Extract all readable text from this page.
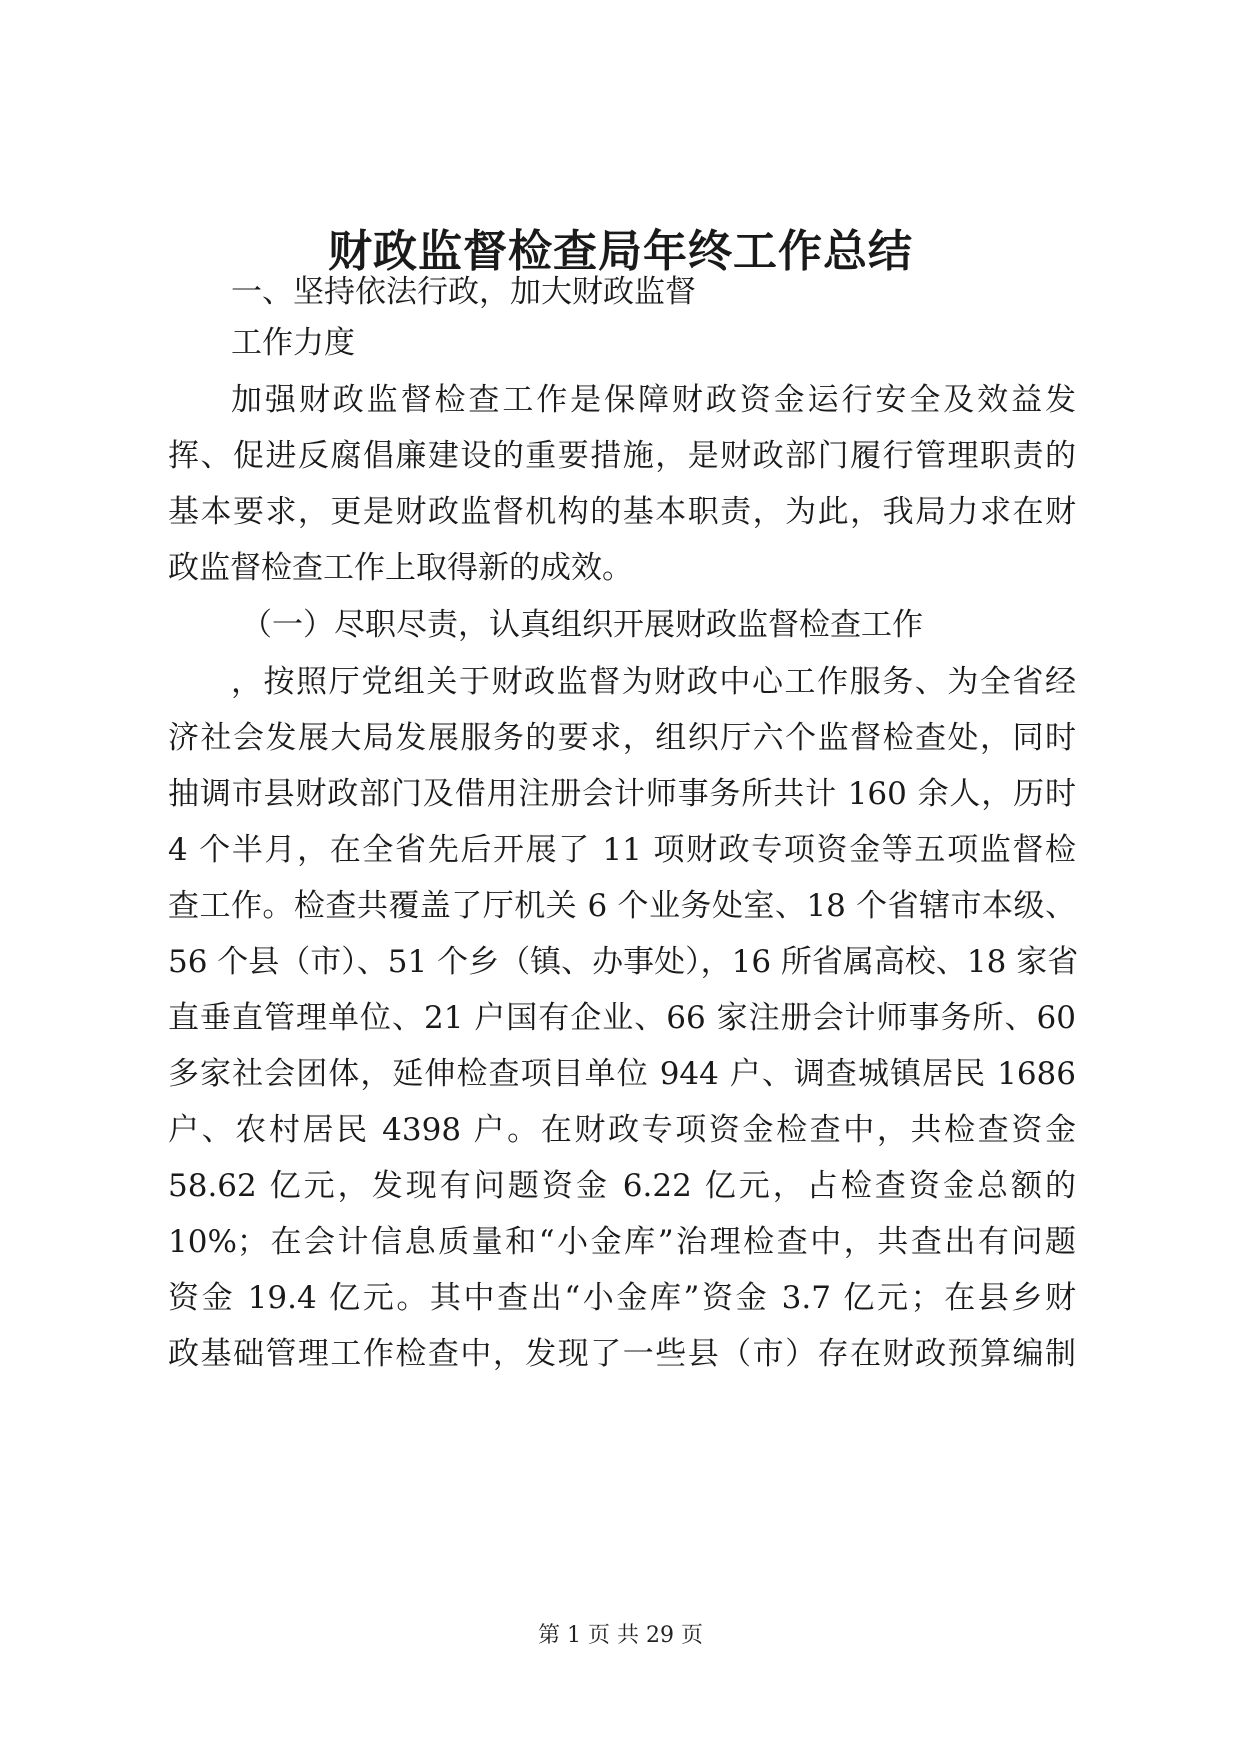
财政监督检查局年终工作总结
一、坚持依法行政，加大财政监督
工作力度
加强财政监督检查工作是保障财政资金运行安全及效益发
挥、促进反腐倡廉建设的重要措施，是财政部门履行管理职责的
基本要求，更是财政监督机构的基本职责，为此，我局力求在财
政监督检查工作上取得新的成效。
（一）尽职尽责，认真组织开展财政监督检查工作
，按照厅党组关于财政监督为财政中心工作服务、为全省经
济社会发展大局发展服务的要求，组织厅六个监督检查处，同时
抽调市县财政部门及借用注册会计师事务所共计 160 余人，历时
4 个半月，在全省先后开展了 11 项财政专项资金等五项监督检
查工作。检查共覆盖了厅机关 6 个业务处室、18 个省辖市本级、
56 个县（市）、51 个乡（镇、办事处），16 所省属高校、18 家省
直垂直管理单位、21 户国有企业、66 家注册会计师事务所、60
多家社会团体，延伸检查项目单位 944 户、调查城镇居民 1686
户、农村居民 4398 户。在财政专项资金检查中，共检查资金
58.62 亿元，发现有问题资金 6.22 亿元，占检查资金总额的
10%；在会计信息质量和“小金库”治理检查中，共查出有问题
资金 19.4 亿元。其中查出“小金库”资金 3.7 亿元；在县乡财
政基础管理工作检查中，发现了一些县（市）存在财政预算编制
第 1 页 共 29 页
